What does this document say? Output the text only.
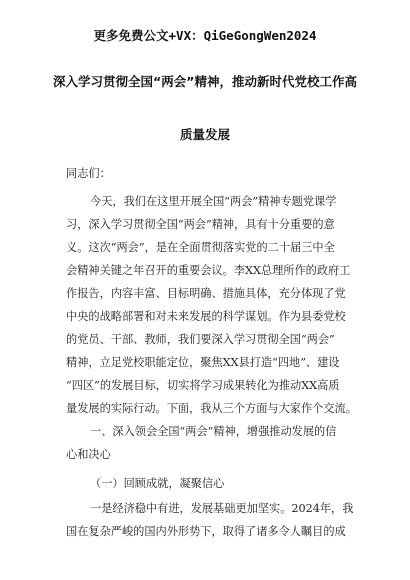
更多免费公文+VX：QiGeGongWen2024
深入学习贯彻全国“两会”精神，推动新时代党校工作高
质量发展
同志们：
今天，我们在这里开展全国“两会”精神专题党课学
习，深入学习贯彻全国“两会”精神，具有十分重要的意
义。这次“两会”，是在全面贯彻落实党的二十届三中全
会精神关键之年召开的重要会议。李XX总理所作的政府工
作报告，内容丰富、目标明确、措施具体，充分体现了党
中央的战略部署和对未来发展的科学谋划。作为县委党校
的党员、干部、教师，我们要深入学习贯彻全国“两会”
精神，立足党校职能定位，聚焦XX县打造“四地”、建设
“四区”的发展目标，切实将学习成果转化为推动XX高质
量发展的实际行动。下面，我从三个方面与大家作个交流。
一、深入领会全国“两会”精神，增强推动发展的信
心和决心
（一）回顾成就，凝聚信心
一是经济稳中有进，发展基础更加坚实。2024年，我
国在复杂严峻的国内外形势下，取得了诸多令人瞩目的成
